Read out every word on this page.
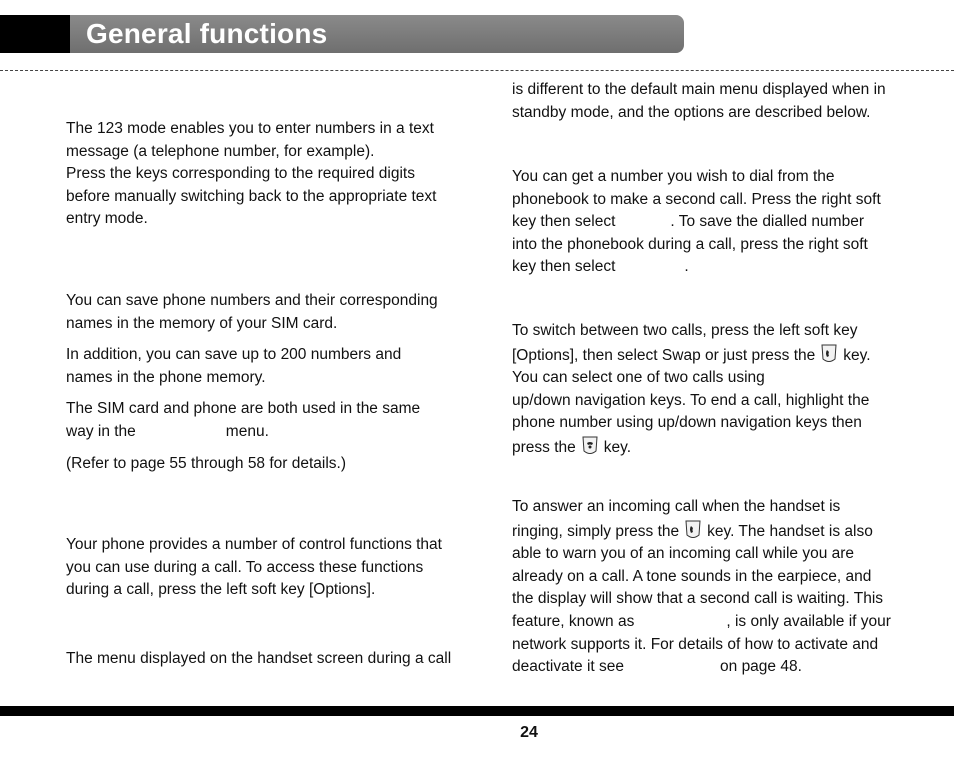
General functions

The 123 mode enables you to enter numbers in a text

message (a telephone number, for example).

Press the keys corresponding to the required digits

before manually switching back to the appropriate text

entry mode.

You can save phone numbers and their corresponding

names in the memory of your SIM card.

In addition, you can save up to 200 numbers and

names in the phone memory.

The SIM card and phone are both used in the same

way in the	menu.

(Refer to page 55 through 58 for details.)

Your phone provides a number of control functions that

you can use during a call. To access these functions

during a call, press the left soft key [Options].

The menu displayed on the handset screen during a call

is different to the default main menu displayed when in

standby mode, and the options are described below.

You can get a number you wish to dial from the

phonebook to make a second call. Press the right soft

key then select	. To save the dialled number

into the phonebook during a call, press the right soft

key then select	.

To switch between two calls, press the left soft key

[Options], then select Swap or just press the key.

You can select one of two calls using

up/down navigation keys. To end a call, highlight the

phone number using up/down navigation keys then

press the key.

To answer an incoming call when the handset is

ringing, simply press the key. The handset is also

able to warn you of an incoming call while you are

already on a call. A tone sounds in the earpiece, and

the display will show that a second call is waiting. This

feature, known as	, is only available if your

network supports it. For details of how to activate and

deactivate it see	on page 48.

24
